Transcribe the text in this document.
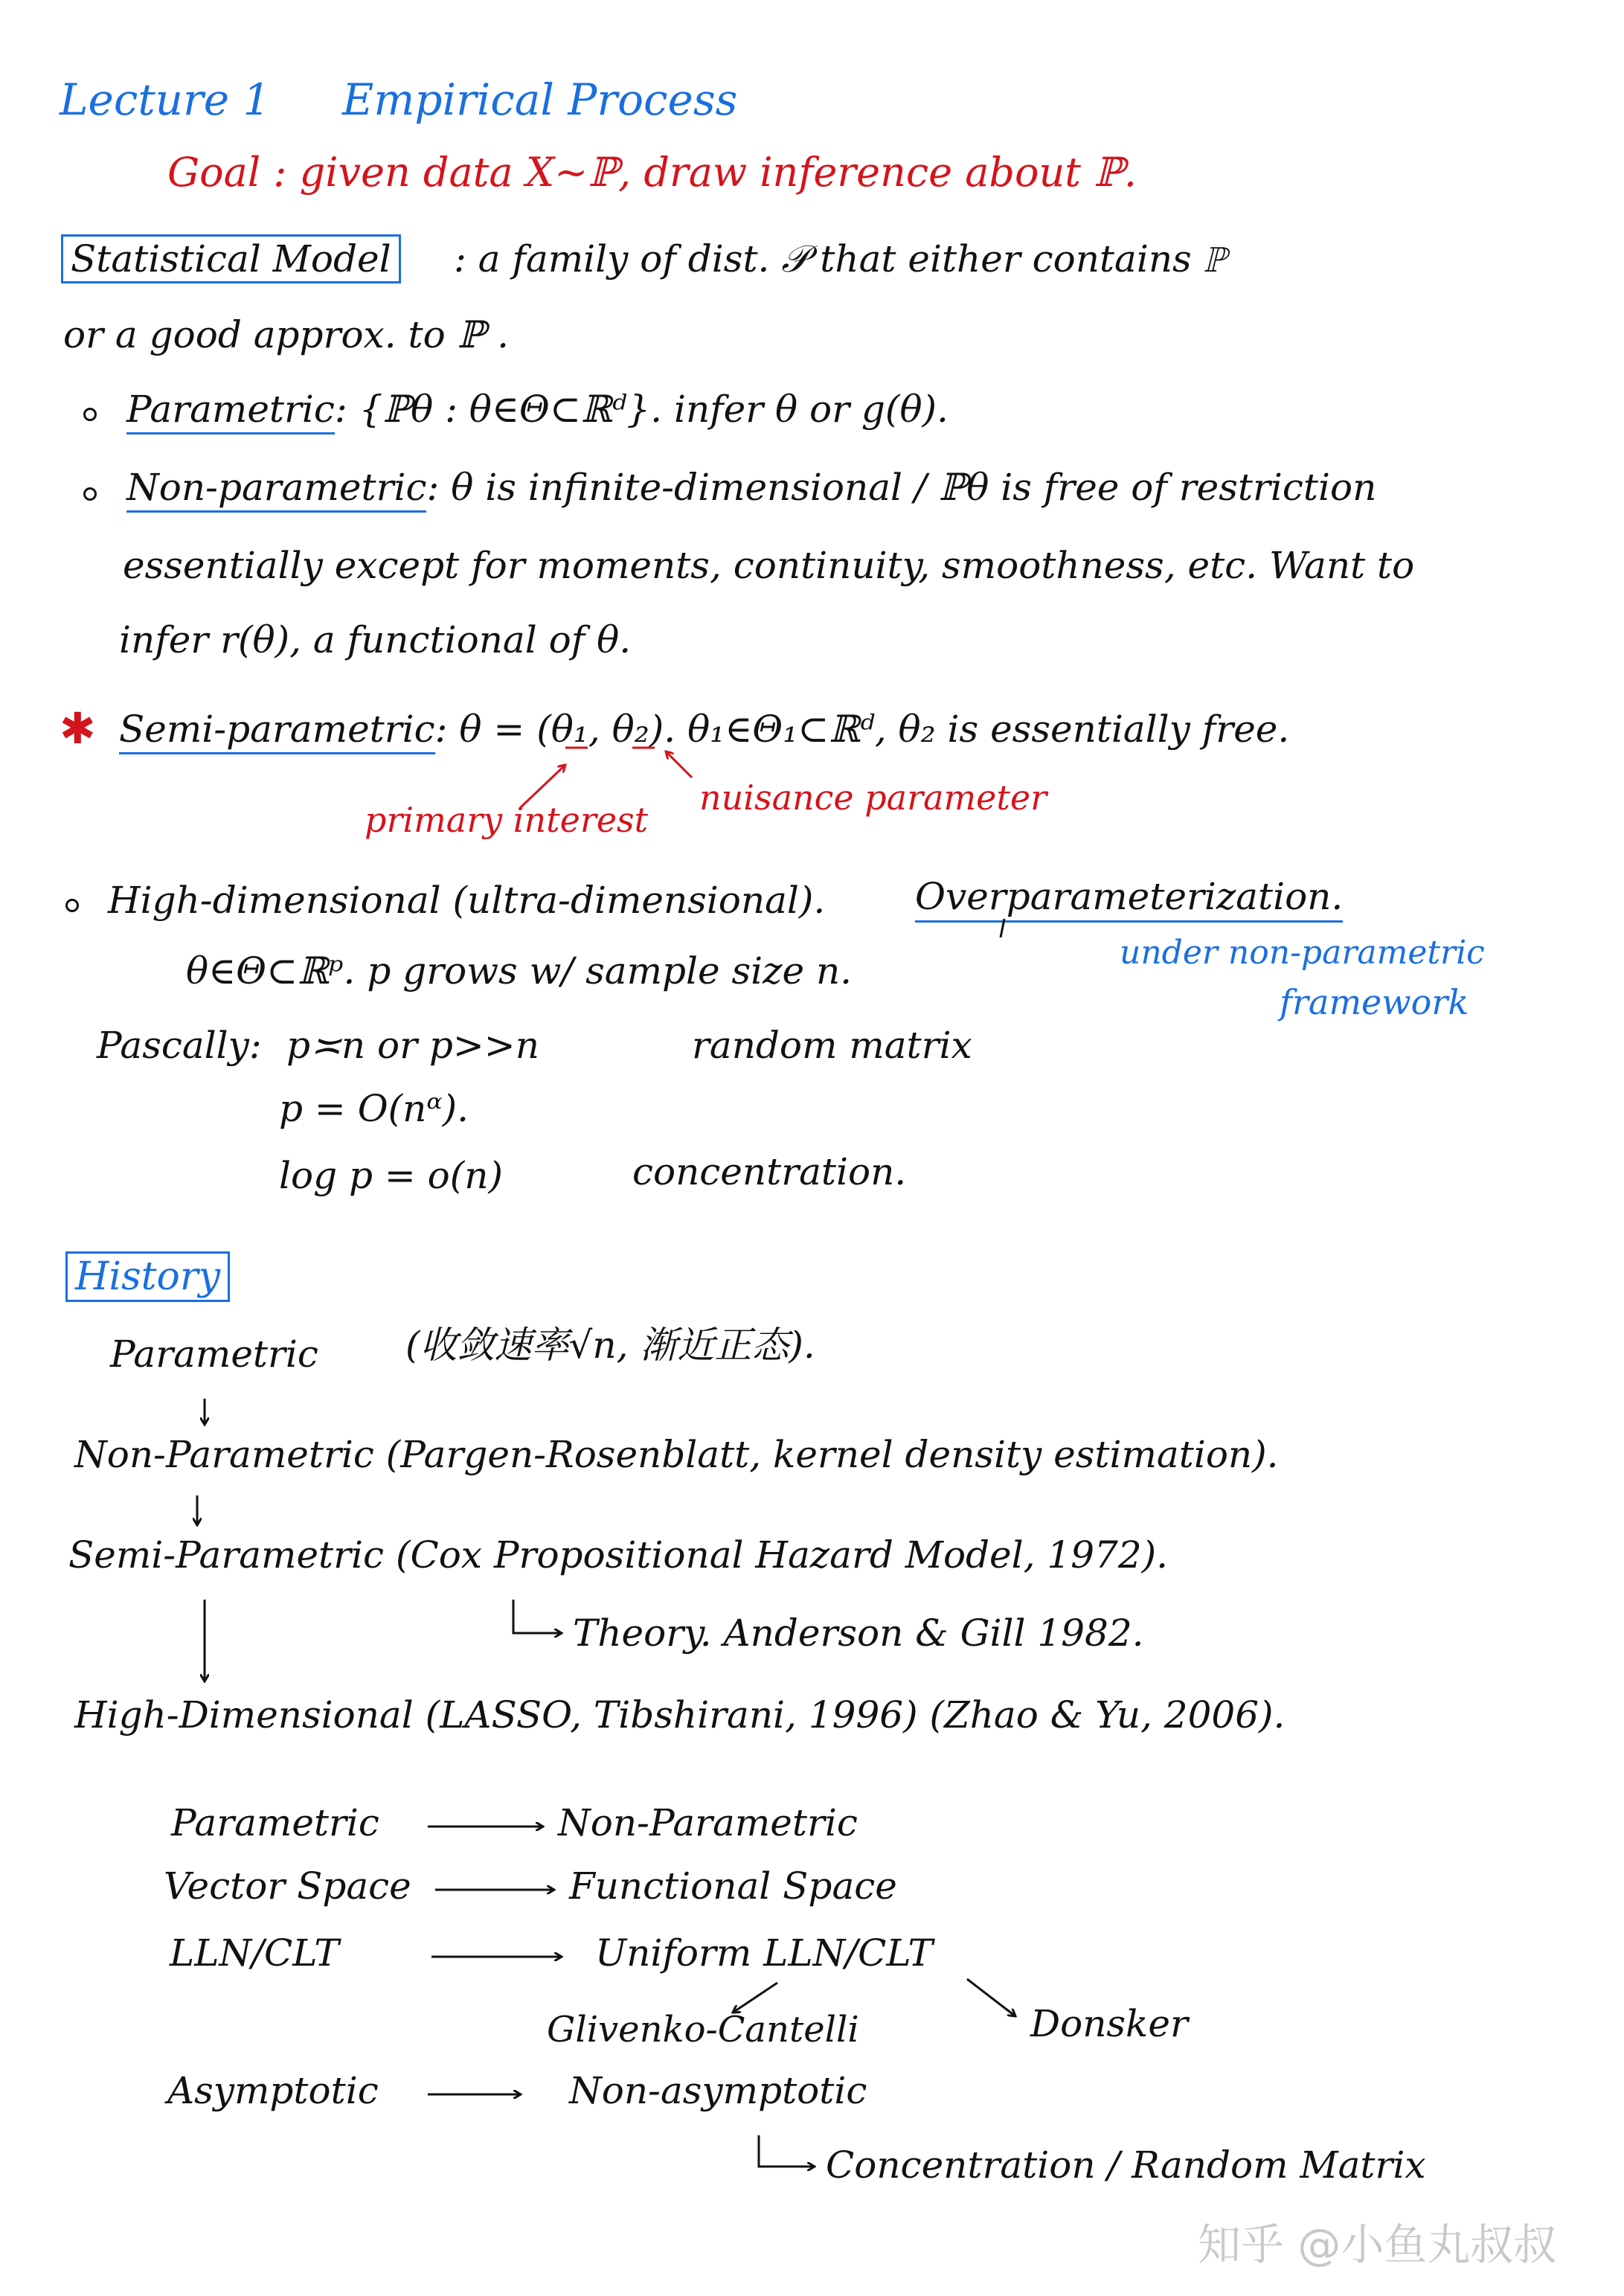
Lecture 1 Empirical Process
Goal : given data X~ℙ, draw inference about ℙ.
Statistical Model : a family of dist. 𝒫 that either contains ℙ
or a good approx. to ℙ .
Parametric: {ℙθ : θ∈Θ⊂ℝᵈ}. infer θ or g(θ).
Non-parametric: θ is infinite-dimensional / ℙθ is free of restriction
essentially except for moments, continuity, smoothness, etc. Want to
infer r(θ), a functional of θ.
✱ Semi-parametric: θ = (θ₁, θ₂). θ₁∈Θ₁⊂ℝᵈ, θ₂ is essentially free.
primary interest
nuisance parameter
High-dimensional (ultra-dimensional). Overparameterization.
θ∈Θ⊂ℝᵖ. p grows w/ sample size n.	under non-parametric
framework
Pascally: p≍n or p>>n	random matrix
p = O(nᵅ).
log p = o(n)	concentration.
History
Parametric (收敛速率√n, 渐近正态).
Non-Parametric (Pargen-Rosenblatt, kernel density estimation).
Semi-Parametric (Cox Propositional Hazard Model, 1972).
Theory. Anderson & Gill 1982.
High-Dimensional (LASSO, Tibshirani, 1996) (Zhao & Yu, 2006).
Parametric	Non-Parametric
Vector Space	Functional Space
LLN/CLT	Uniform LLN/CLT
Glivenko-Cantelli	Donsker
Asymptotic	Non-asymptotic
Concentration / Random Matrix
知乎 @小鱼丸叔叔
